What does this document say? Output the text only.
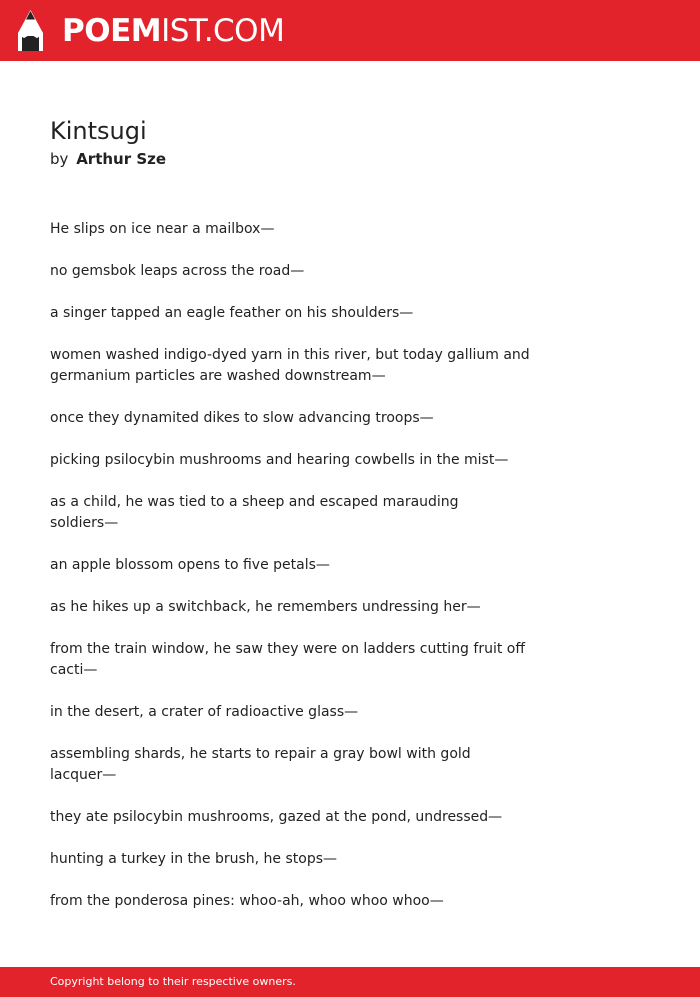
POEMIST.COM
Kintsugi
by Arthur Sze

He slips on ice near a mailbox⁠—⁠

no gemsbok leaps across the road⁠—⁠

a singer tapped an eagle feather on his shoulders⁠—⁠

women washed indigo-dyed yarn in this river, but today gallium and germanium particles are washed downstream⁠—⁠

once they dynamited dikes to slow advancing troops⁠—⁠

picking psilocybin mushrooms and hearing cowbells in the mist⁠—⁠

as a child, he was tied to a sheep and escaped marauding soldiers⁠—⁠

an apple blossom opens to five petals⁠—⁠

as he hikes up a switchback, he remembers undressing her⁠—⁠

from the train window, he saw they were on ladders cutting fruit off cacti⁠—⁠

in the desert, a crater of radioactive glass⁠—⁠

assembling shards, he starts to repair a gray bowl with gold lacquer⁠—⁠

they ate psilocybin mushrooms, gazed at the pond, undressed⁠—⁠

hunting a turkey in the brush, he stops⁠—⁠

from the ponderosa pines: whoo-ah, whoo whoo whoo⁠—⁠

Copyright belong to their respective owners.
